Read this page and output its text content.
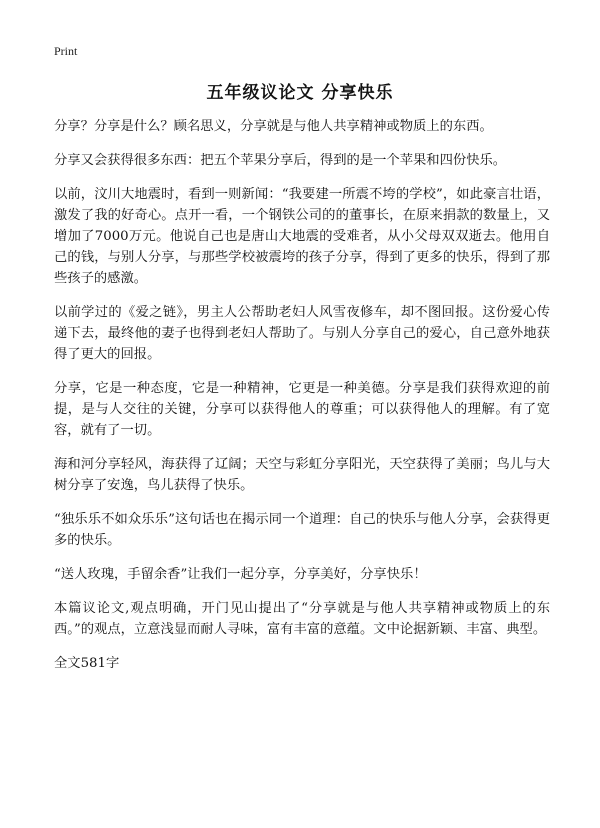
Print
五年级议论文 分享快乐

分享？分享是什么？顾名思义，分享就是与他人共享精神或物质上的东西。

分享又会获得很多东西：把五个苹果分享后，得到的是一个苹果和四份快乐。

以前，汶川大地震时，看到一则新闻：“我要建一所震不垮的学校”，如此豪言壮语，激发了我的好奇心。点开一看，一个钢铁公司的的董事长，在原来捐款的数量上，又增加了7000万元。他说自己也是唐山大地震的受难者，从小父母双双逝去。他用自己的钱，与别人分享，与那些学校被震垮的孩子分享，得到了更多的快乐，得到了那些孩子的感激。

以前学过的《爱之链》，男主人公帮助老妇人风雪夜修车，却不图回报。这份爱心传递下去，最终他的妻子也得到老妇人帮助了。与别人分享自己的爱心，自己意外地获得了更大的回报。

分享，它是一种态度，它是一种精神，它更是一种美德。分享是我们获得欢迎的前提，是与人交往的关键，分享可以获得他人的尊重；可以获得他人的理解。有了宽容，就有了一切。

海和河分享轻风，海获得了辽阔；天空与彩虹分享阳光，天空获得了美丽；鸟儿与大树分享了安逸，鸟儿获得了快乐。

“独乐乐不如众乐乐”这句话也在揭示同一个道理：自己的快乐与他人分享，会获得更多的快乐。

“送人玫瑰，手留余香”让我们一起分享，分享美好，分享快乐！

本篇议论文,观点明确，开门见山提出了“分享就是与他人共享精神或物质上的东西。”的观点，立意浅显而耐人寻味，富有丰富的意蕴。文中论据新颖、丰富、典型。

全文581字
